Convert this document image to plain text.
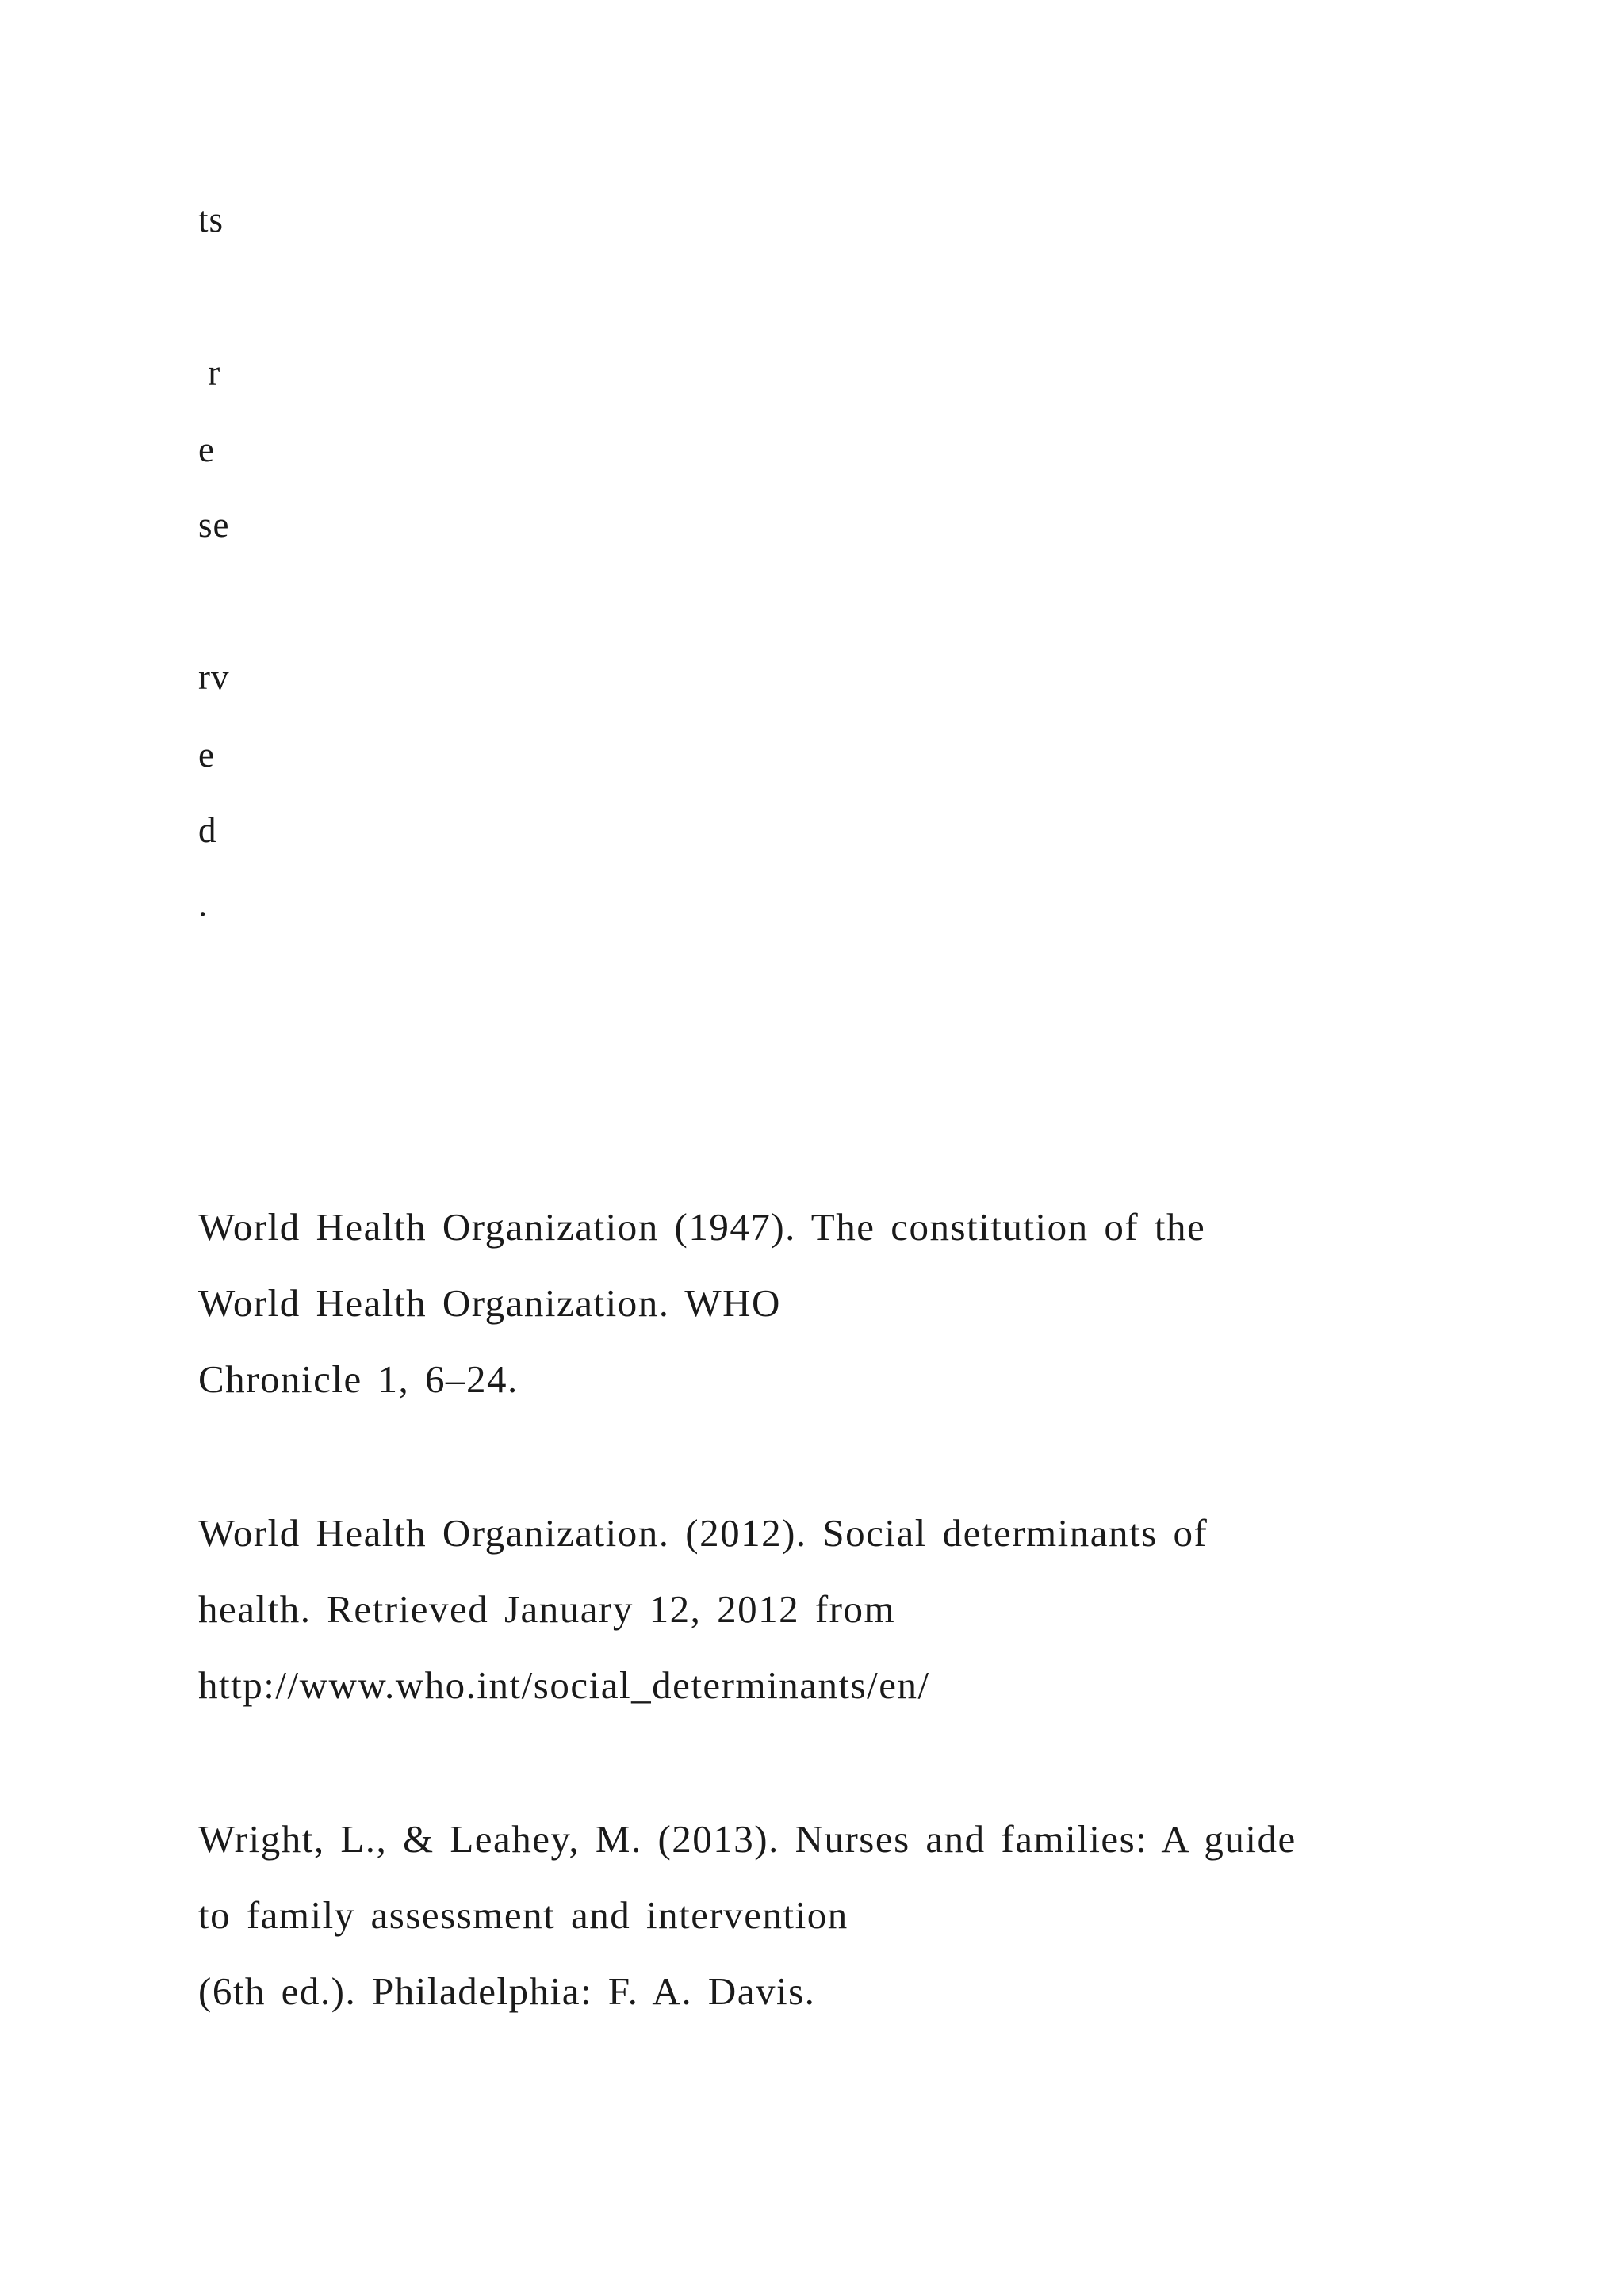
ts
r
e
se
rv
e
d
.
World Health Organization (1947). The constitution of the
World Health Organization. WHO
Chronicle 1, 6–24.
World Health Organization. (2012). Social determinants of
health. Retrieved January 12, 2012 from
http://www.who.int/social_determinants/en/
Wright, L., & Leahey, M. (2013). Nurses and families: A guide
to family assessment and intervention
(6th ed.). Philadelphia: F. A. Davis.
